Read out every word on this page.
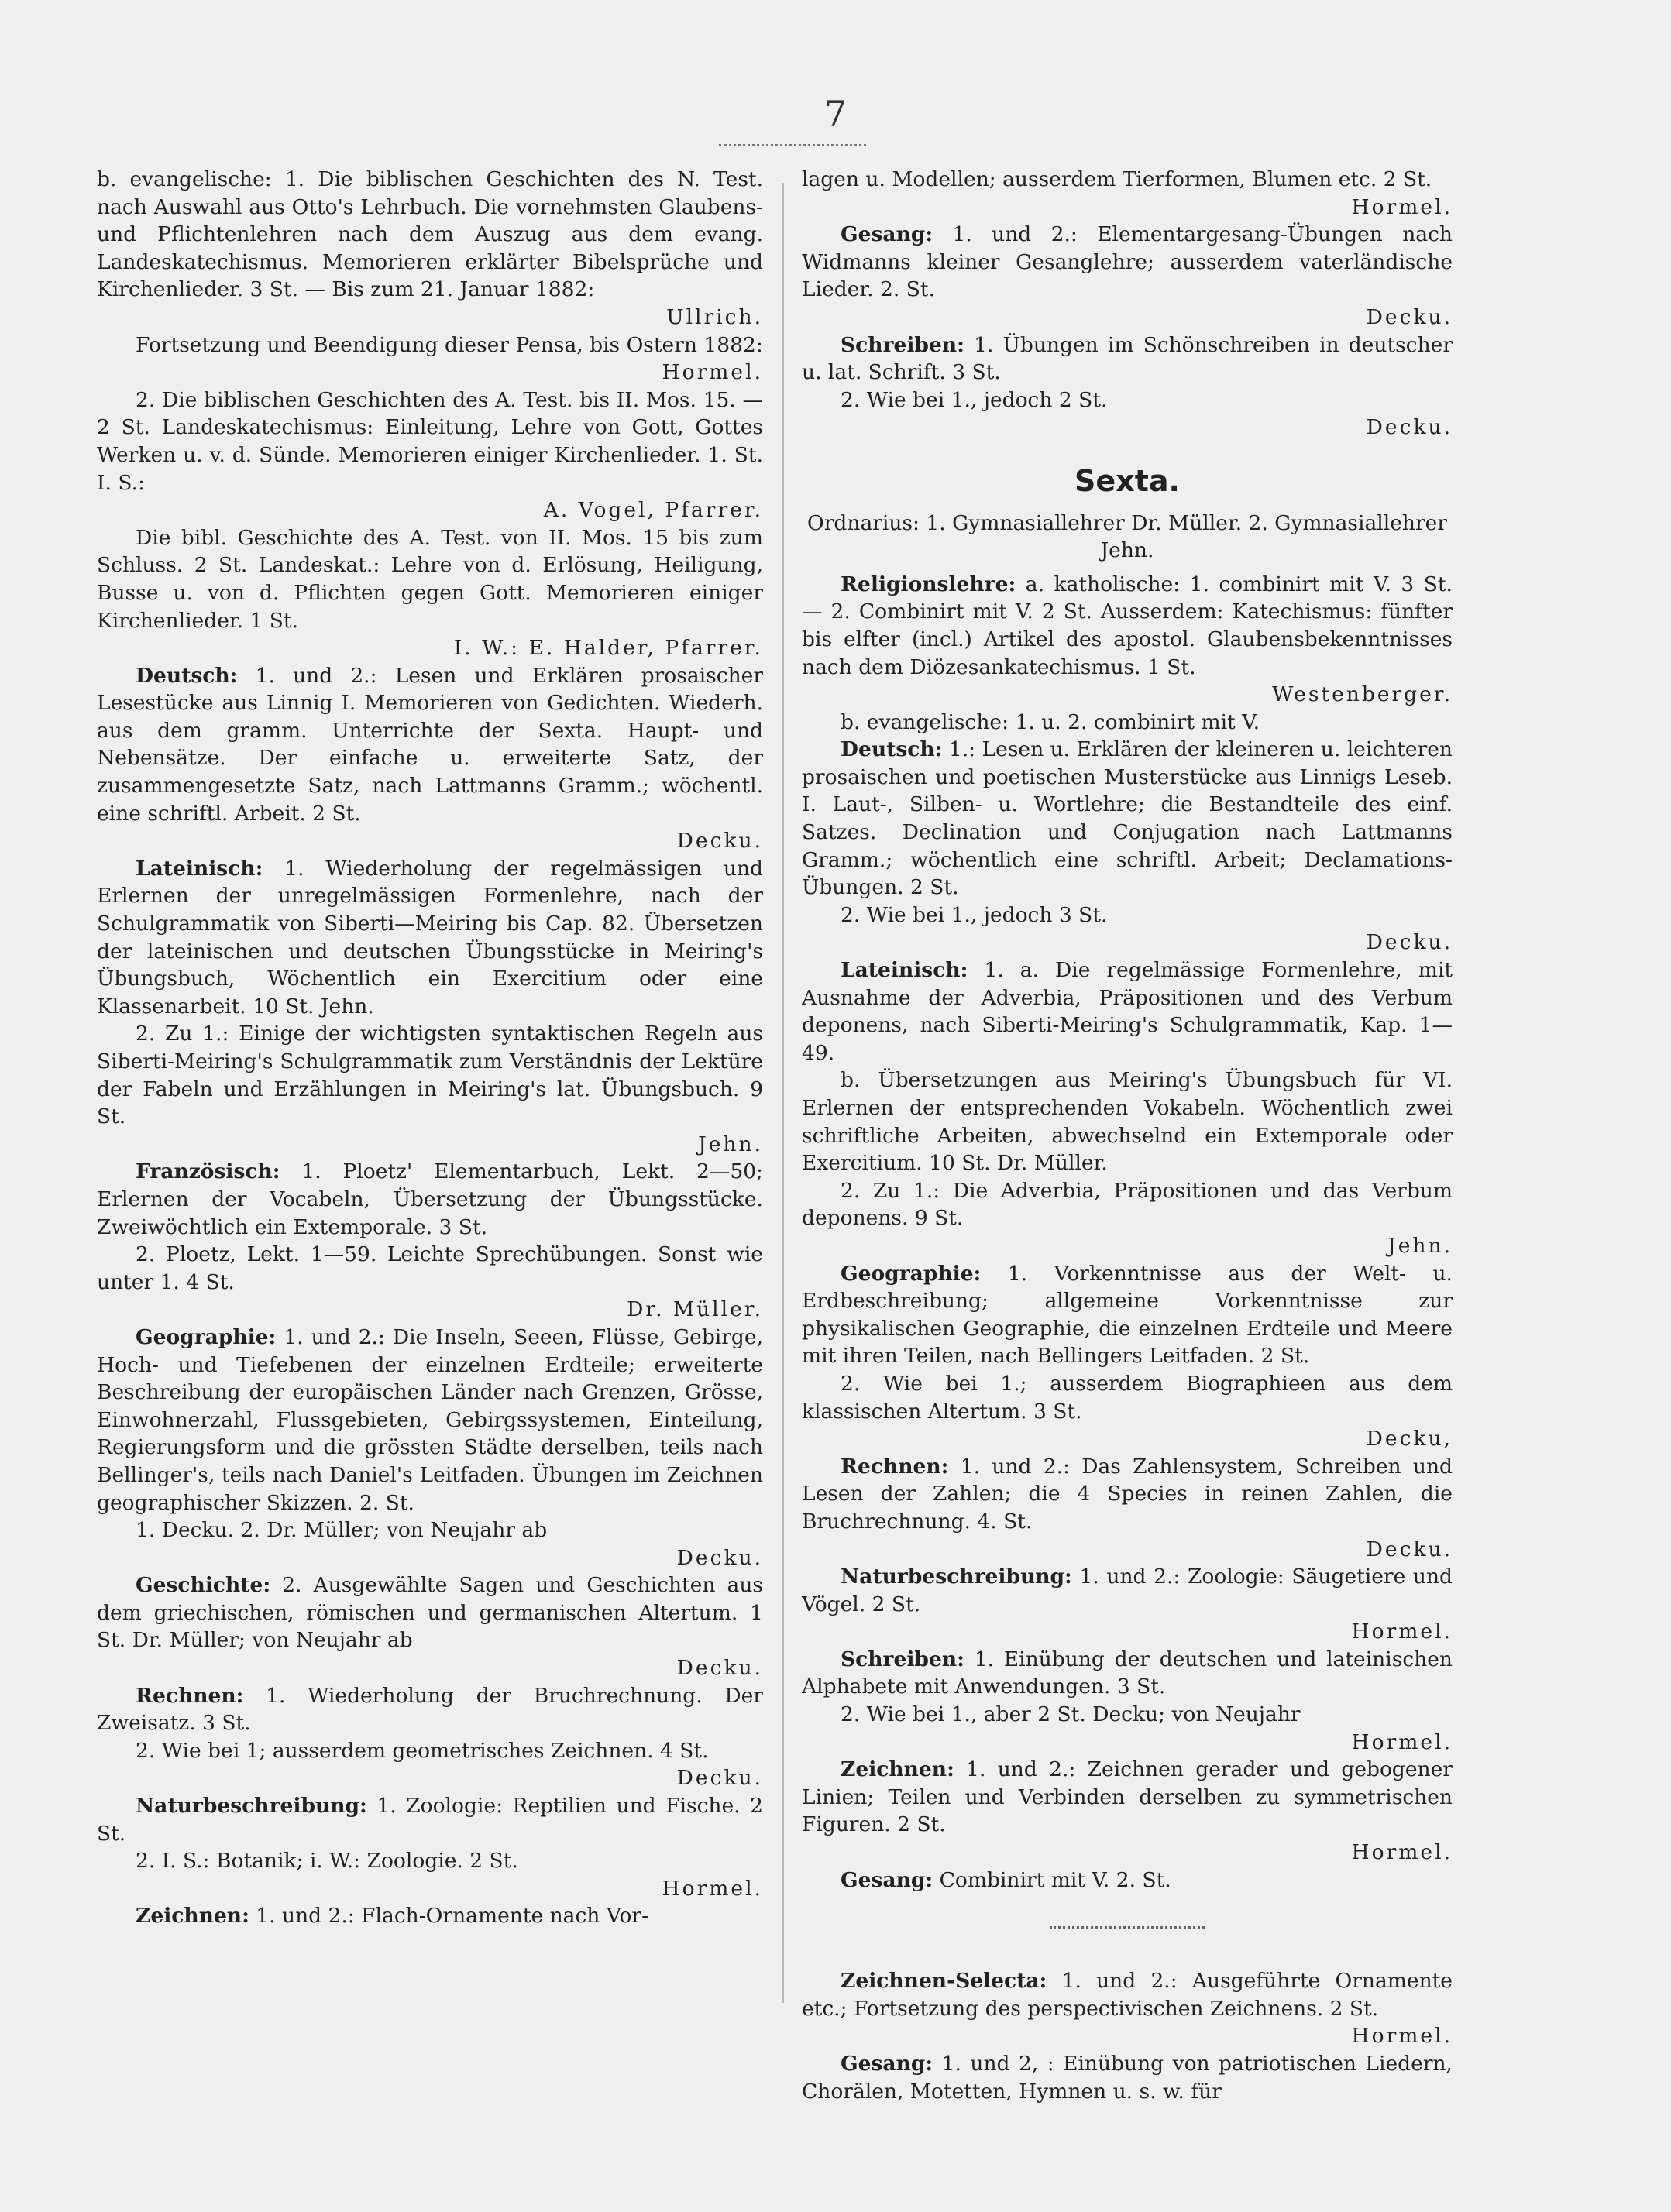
7

b. evangelische: 1. Die biblischen Geschichten des N. Test. nach Auswahl aus Otto's Lehrbuch. Die vornehmsten Glaubens- und Pflichtenlehren nach dem Auszug aus dem evang. Landeskatechismus. Memorieren erklärter Bibelsprüche und Kirchenlieder. 3 St. — Bis zum 21. Januar 1882:
Ullrich.

Fortsetzung und Beendigung dieser Pensa, bis Ostern 1882:
Hormel.

2. Die biblischen Geschichten des A. Test. bis II. Mos. 15. — 2 St. Landeskatechismus: Einleitung, Lehre von Gott, Gottes Werken u. v. d. Sünde. Memorieren einiger Kirchenlieder. 1. St. I. S.:
A. Vogel, Pfarrer.

Die bibl. Geschichte des A. Test. von II. Mos. 15 bis zum Schluss. 2 St. Landeskat.: Lehre von d. Erlösung, Heiligung, Busse u. von d. Pflichten gegen Gott. Memorieren einiger Kirchenlieder. 1 St.
I. W.: E. Halder, Pfarrer.

Deutsch: 1. und 2.: Lesen und Erklären prosaischer Lesestücke aus Linnig I. Memorieren von Gedichten. Wiederh. aus dem gramm. Unterrichte der Sexta. Haupt- und Nebensätze. Der einfache u. erweiterte Satz, der zusammengesetzte Satz, nach Lattmanns Gramm.; wöchentl. eine schriftl. Arbeit. 2 St.
Decku.

Lateinisch: 1. Wiederholung der regelmässigen und Erlernen der unregelmässigen Formenlehre, nach der Schulgrammatik von Siberti—Meiring bis Cap. 82. Übersetzen der lateinischen und deutschen Übungsstücke in Meiring's Übungsbuch, Wöchentlich ein Exercitium oder eine Klassenarbeit. 10 St. Jehn.

2. Zu 1.: Einige der wichtigsten syntaktischen Regeln aus Siberti-Meiring's Schulgrammatik zum Verständnis der Lektüre der Fabeln und Erzählungen in Meiring's lat. Übungsbuch. 9 St.
Jehn.

Französisch: 1. Ploetz' Elementarbuch, Lekt. 2—50; Erlernen der Vocabeln, Übersetzung der Übungsstücke. Zweiwöchtlich ein Extemporale. 3 St.

2. Ploetz, Lekt. 1—59. Leichte Sprechübungen. Sonst wie unter 1. 4 St.
Dr. Müller.

Geographie: 1. und 2.: Die Inseln, Seeen, Flüsse, Gebirge, Hoch- und Tiefebenen der einzelnen Erdteile; erweiterte Beschreibung der europäischen Länder nach Grenzen, Grösse, Einwohnerzahl, Flussgebieten, Gebirgssystemen, Einteilung, Regierungsform und die grössten Städte derselben, teils nach Bellinger's, teils nach Daniel's Leitfaden. Übungen im Zeichnen geographischer Skizzen. 2. St.

1. Decku. 2. Dr. Müller; von Neujahr ab
Decku.

Geschichte: 2. Ausgewählte Sagen und Geschichten aus dem griechischen, römischen und germanischen Altertum. 1 St. Dr. Müller; von Neujahr ab
Decku.

Rechnen: 1. Wiederholung der Bruchrechnung. Der Zweisatz. 3 St.

2. Wie bei 1; ausserdem geometrisches Zeichnen. 4 St.
Decku.

Naturbeschreibung: 1. Zoologie: Reptilien und Fische. 2 St.

2. I. S.: Botanik; i. W.: Zoologie. 2 St.
Hormel.

Zeichnen: 1. und 2.: Flach-Ornamente nach Vor-

lagen u. Modellen; ausserdem Tierformen, Blumen etc. 2 St.
Hormel.

Gesang: 1. und 2.: Elementargesang-Übungen nach Widmanns kleiner Gesanglehre; ausserdem vaterländische Lieder. 2. St.
Decku.

Schreiben: 1. Übungen im Schönschreiben in deutscher u. lat. Schrift. 3 St.

2. Wie bei 1., jedoch 2 St.
Decku.

Sexta.

Ordnarius: 1. Gymnasiallehrer Dr. Müller. 2. Gymnasiallehrer Jehn.

Religionslehre: a. katholische: 1. combinirt mit V. 3 St. — 2. Combinirt mit V. 2 St. Ausserdem: Katechismus: fünfter bis elfter (incl.) Artikel des apostol. Glaubensbekenntnisses nach dem Diözesankatechismus. 1 St.
Westenberger.

b. evangelische: 1. u. 2. combinirt mit V.

Deutsch: 1.: Lesen u. Erklären der kleineren u. leichteren prosaischen und poetischen Musterstücke aus Linnigs Leseb. I. Laut-, Silben- u. Wortlehre; die Bestandteile des einf. Satzes. Declination und Conjugation nach Lattmanns Gramm.; wöchentlich eine schriftl. Arbeit; Declamations-Übungen. 2 St.

2. Wie bei 1., jedoch 3 St.
Decku.

Lateinisch: 1. a. Die regelmässige Formenlehre, mit Ausnahme der Adverbia, Präpositionen und des Verbum deponens, nach Siberti-Meiring's Schulgrammatik, Kap. 1—49.

b. Übersetzungen aus Meiring's Übungsbuch für VI. Erlernen der entsprechenden Vokabeln. Wöchentlich zwei schriftliche Arbeiten, abwechselnd ein Extemporale oder Exercitium. 10 St. Dr. Müller.

2. Zu 1.: Die Adverbia, Präpositionen und das Verbum deponens. 9 St.
Jehn.

Geographie: 1. Vorkenntnisse aus der Welt- u. Erdbeschreibung; allgemeine Vorkenntnisse zur physikalischen Geographie, die einzelnen Erdteile und Meere mit ihren Teilen, nach Bellingers Leitfaden. 2 St.

2. Wie bei 1.; ausserdem Biographieen aus dem klassischen Altertum. 3 St.
Decku,

Rechnen: 1. und 2.: Das Zahlensystem, Schreiben und Lesen der Zahlen; die 4 Species in reinen Zahlen, die Bruchrechnung. 4. St.
Decku.

Naturbeschreibung: 1. und 2.: Zoologie: Säugetiere und Vögel. 2 St.
Hormel.

Schreiben: 1. Einübung der deutschen und lateinischen Alphabete mit Anwendungen. 3 St.

2. Wie bei 1., aber 2 St. Decku; von Neujahr
Hormel.

Zeichnen: 1. und 2.: Zeichnen gerader und gebogener Linien; Teilen und Verbinden derselben zu symmetrischen Figuren. 2 St.
Hormel.

Gesang: Combinirt mit V. 2. St.

Zeichnen-Selecta: 1. und 2.: Ausgeführte Ornamente etc.; Fortsetzung des perspectivischen Zeichnens. 2 St.
Hormel.

Gesang: 1. und 2, : Einübung von patriotischen Liedern, Chorälen, Motetten, Hymnen u. s. w. für
